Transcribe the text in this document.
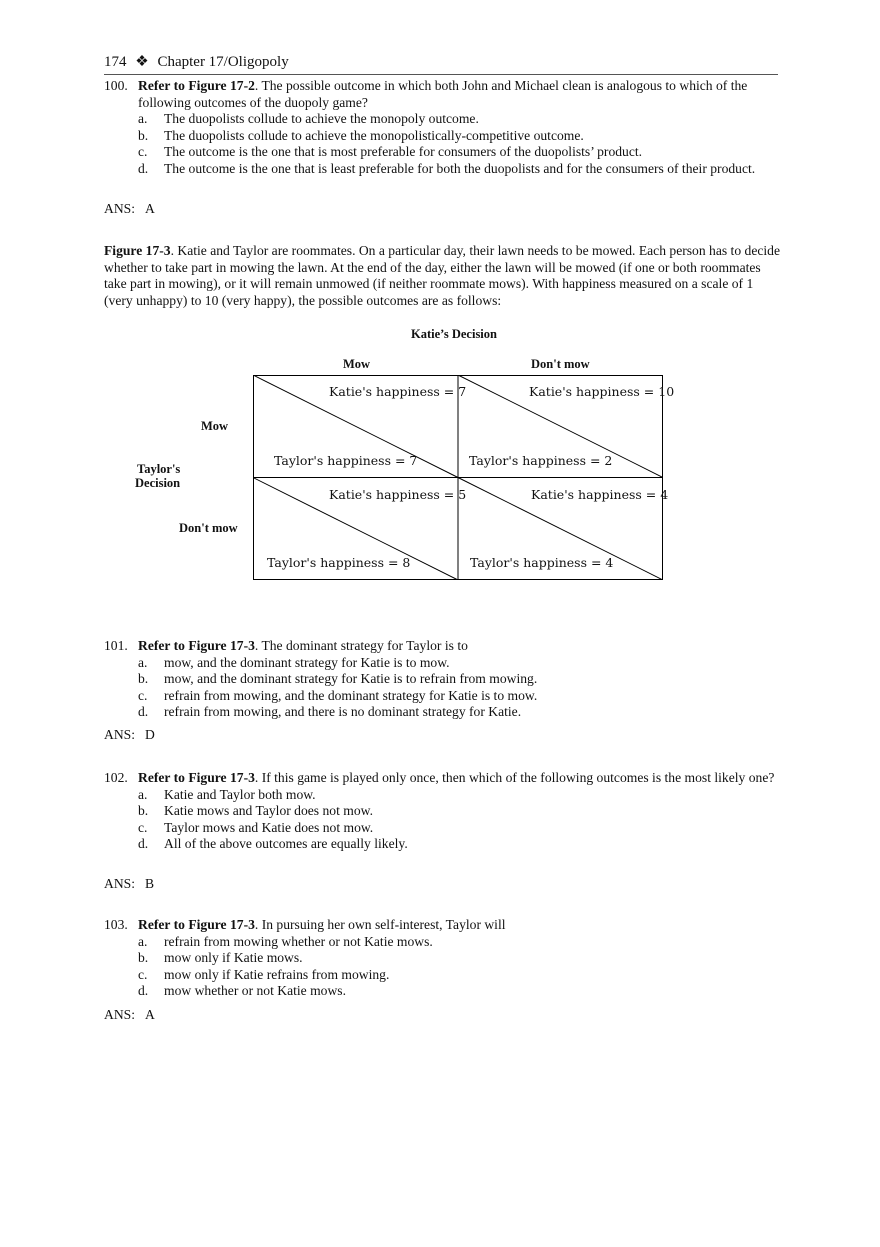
174 ❖ Chapter 17/Oligopoly
100. Refer to Figure 17-2. The possible outcome in which both John and Michael clean is analogous to which of the following outcomes of the duopoly game?
a. The duopolists collude to achieve the monopoly outcome.
b. The duopolists collude to achieve the monopolistically-competitive outcome.
c. The outcome is the one that is most preferable for consumers of the duopolists’ product.
d. The outcome is the one that is least preferable for both the duopolists and for the consumers of their product.
ANS: A
Figure 17-3. Katie and Taylor are roommates. On a particular day, their lawn needs to be mowed. Each person has to decide whether to take part in mowing the lawn. At the end of the day, either the lawn will be mowed (if one or both roommates take part in mowing), or it will remain unmowed (if neither roommate mows). With happiness measured on a scale of 1 (very unhappy) to 10 (very happy), the possible outcomes are as follows:
Katie’s Decision
Mow	Don't mow
Mow
Taylor's
Decision
Don't mow
Katie's happiness = 7
Taylor's happiness = 7
Katie's happiness = 10
Taylor's happiness = 2
Katie's happiness = 5
Taylor's happiness = 8
Katie's happiness = 4
Taylor's happiness = 4
101. Refer to Figure 17-3. The dominant strategy for Taylor is to
a. mow, and the dominant strategy for Katie is to mow.
b. mow, and the dominant strategy for Katie is to refrain from mowing.
c. refrain from mowing, and the dominant strategy for Katie is to mow.
d. refrain from mowing, and there is no dominant strategy for Katie.
ANS: D
102. Refer to Figure 17-3. If this game is played only once, then which of the following outcomes is the most likely one?
a. Katie and Taylor both mow.
b. Katie mows and Taylor does not mow.
c. Taylor mows and Katie does not mow.
d. All of the above outcomes are equally likely.
ANS: B
103. Refer to Figure 17-3. In pursuing her own self-interest, Taylor will
a. refrain from mowing whether or not Katie mows.
b. mow only if Katie mows.
c. mow only if Katie refrains from mowing.
d. mow whether or not Katie mows.
ANS: A
